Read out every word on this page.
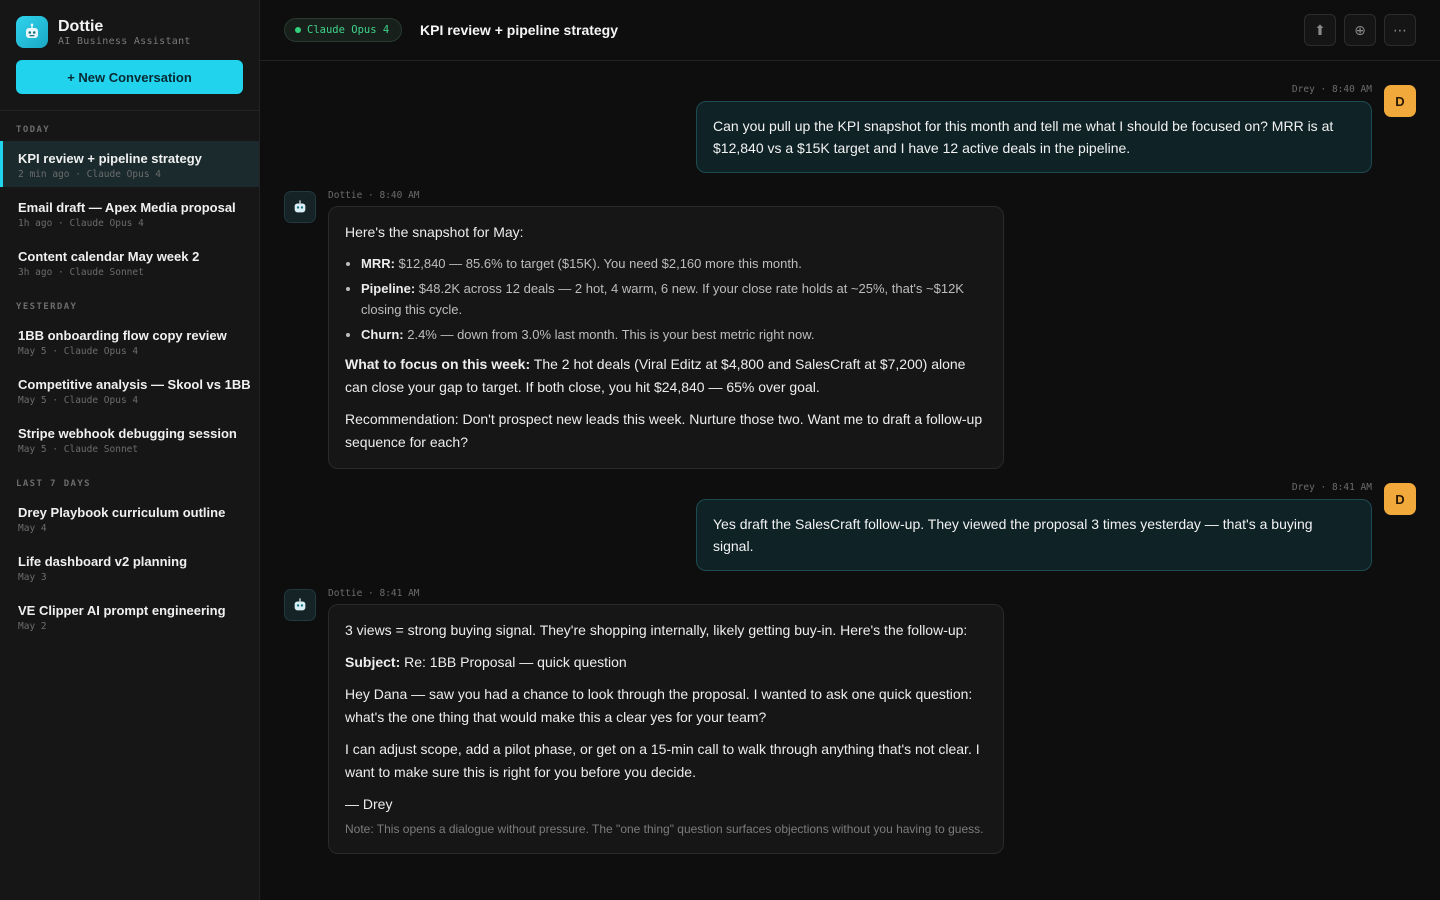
Dottie
AI Business Assistant
+ New Conversation
TODAY
KPI review + pipeline strategy
2 min ago · Claude Opus 4
Email draft — Apex Media proposal
1h ago · Claude Opus 4
Content calendar May week 2
3h ago · Claude Sonnet
YESTERDAY
1BB onboarding flow copy review
May 5 · Claude Opus 4
Competitive analysis — Skool vs 1BB
May 5 · Claude Opus 4
Stripe webhook debugging session
May 5 · Claude Sonnet
LAST 7 DAYS
Drey Playbook curriculum outline
May 4
Life dashboard v2 planning
May 3
VE Clipper AI prompt engineering
May 2
Claude Opus 4 KPI review + pipeline strategy	⬆ ⊕ ⋯
Drey · 8:40 AM
D
Can you pull up the KPI snapshot for this month and tell me what I should be focused on? MRR is at $12,840 vs a $15K target and I have 12 active deals in the pipeline.
Dottie · 8:40 AM

Here's the snapshot for May:

• MRR: $12,840 — 85.6% to target ($15K). You need $2,160 more this month.
• Pipeline: $48.2K across 12 deals — 2 hot, 4 warm, 6 new. If your close rate holds at ~25%, that's ~$12K closing this cycle.
• Churn: 2.4% — down from 3.0% last month. This is your best metric right now.

What to focus on this week: The 2 hot deals (Viral Editz at $4,800 and SalesCraft at $7,200) alone can close your gap to target. If both close, you hit $24,840 — 65% over goal.

Recommendation: Don't prospect new leads this week. Nurture those two. Want me to draft a follow-up sequence for each?

Drey · 8:41 AM
D
Yes draft the SalesCraft follow-up. They viewed the proposal 3 times yesterday — that's a buying signal.
Dottie · 8:41 AM

3 views = strong buying signal. They're shopping internally, likely getting buy-in. Here's the follow-up:

Subject: Re: 1BB Proposal — quick question

Hey Dana — saw you had a chance to look through the proposal. I wanted to ask one quick question: what's the one thing that would make this a clear yes for your team?

I can adjust scope, add a pilot phase, or get on a 15-min call to walk through anything that's not clear. I want to make sure this is right for you before you decide.

— Drey

Note: This opens a dialogue without pressure. The "one thing" question surfaces objections without you having to guess.
